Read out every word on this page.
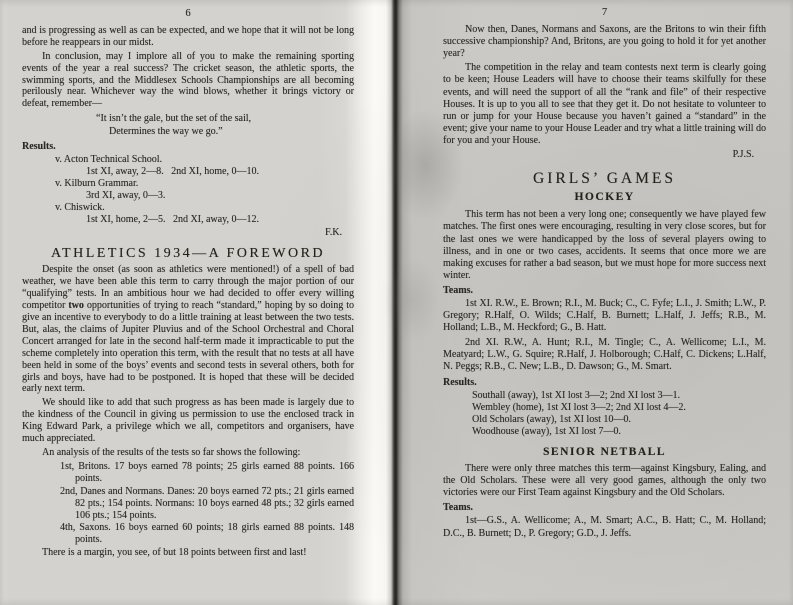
6

and is progressing as well as can be expected, and we hope that it will not be long before he reappears in our midst.

In conclusion, may I implore all of you to make the remaining sporting events of the year a real success? The cricket season, the athletic sports, the swimming sports, and the Middlesex Schools Championships are all becoming perilously near. Whichever way the wind blows, whether it brings victory or defeat, remember—

“It isn’t the gale, but the set of the sail,
Determines the way we go.”
Results.
v. Acton Technical School.
1st XI, away, 2—8.   2nd XI, home, 0—10.
v. Kilburn Grammar.
3rd XI, away, 0—3.
v. Chiswick.
1st XI, home, 2—5.   2nd XI, away, 0—12.
F.K.
ATHLETICS 1934—A FOREWORD

Despite the onset (as soon as athletics were mentioned!) of a spell of bad weather, we have been able this term to carry through the major portion of our “qualifying” tests. In an ambitious hour we had decided to offer every willing competitor two opportunities of trying to reach “standard,” hoping by so doing to give an incentive to everybody to do a little training at least between the two tests. But, alas, the claims of Jupiter Pluvius and of the School Orchestral and Choral Concert arranged for late in the second half-term made it impracticable to put the scheme completely into operation this term, with the result that no tests at all have been held in some of the boys’ events and second tests in several others, both for girls and boys, have had to be postponed. It is hoped that these will be decided early next term.

We should like to add that such progress as has been made is largely due to the kindness of the Council in giving us permission to use the enclosed track in King Edward Park, a privilege which we all, competitors and organisers, have much appreciated.

An analysis of the results of the tests so far shows the following:

1st, Britons. 17 boys earned 78 points; 25 girls earned 88 points. 166 points.
2nd, Danes and Normans. Danes: 20 boys earned 72 pts.; 21 girls earned 82 pts.; 154 points. Normans: 10 boys earned 48 pts.; 32 girls earned 106 pts.; 154 points.
4th, Saxons. 16 boys earned 60 points; 18 girls earned 88 points. 148 points.

There is a margin, you see, of but 18 points between first and last!

7

Now then, Danes, Normans and Saxons, are the Britons to win their fifth successive championship? And, Britons, are you going to hold it for yet another year?

The competition in the relay and team contests next term is clearly going to be keen; House Leaders will have to choose their teams skilfully for these events, and will need the support of all the “rank and file” of their respective Houses. It is up to you all to see that they get it. Do not hesitate to volunteer to run or jump for your House because you haven’t gained a “standard” in the event; give your name to your House Leader and try what a little training will do for you and your House.

P.J.S.
GIRLS’ GAMES
HOCKEY

This term has not been a very long one; consequently we have played few matches. The first ones were encouraging, resulting in very close scores, but for the last ones we were handicapped by the loss of several players owing to illness, and in one or two cases, accidents. It seems that once more we are making excuses for rather a bad season, but we must hope for more success next winter.

Teams.

1st XI. R.W., E. Brown; R.I., M. Buck; C., C. Fyfe; L.I., J. Smith; L.W., P. Gregory; R.Half, O. Wilds; C.Half, B. Burnett; L.Half, J. Jeffs; R.B., M. Holland; L.B., M. Heckford; G., B. Hatt.

2nd XI. R.W., A. Hunt; R.I., M. Tingle; C., A. Wellicome; L.I., M. Meatyard; L.W., G. Squire; R.Half, J. Holborough; C.Half, C. Dickens; L.Half, N. Peggs; R.B., C. New; L.B., D. Dawson; G., M. Smart.

Results.
Southall (away), 1st XI lost 3—2; 2nd XI lost 3—1.
Wembley (home), 1st XI lost 3—2; 2nd XI lost 4—2.
Old Scholars (away), 1st XI lost 10—0.
Woodhouse (away), 1st XI lost 7—0.
SENIOR NETBALL

There were only three matches this term—against Kingsbury, Ealing, and the Old Scholars. These were all very good games, although the only two victories were our First Team against Kingsbury and the Old Scholars.

Teams.

1st—G.S., A. Wellicome; A., M. Smart; A.C., B. Hatt; C., M. Holland; D.C., B. Burnett; D., P. Gregory; G.D., J. Jeffs.
